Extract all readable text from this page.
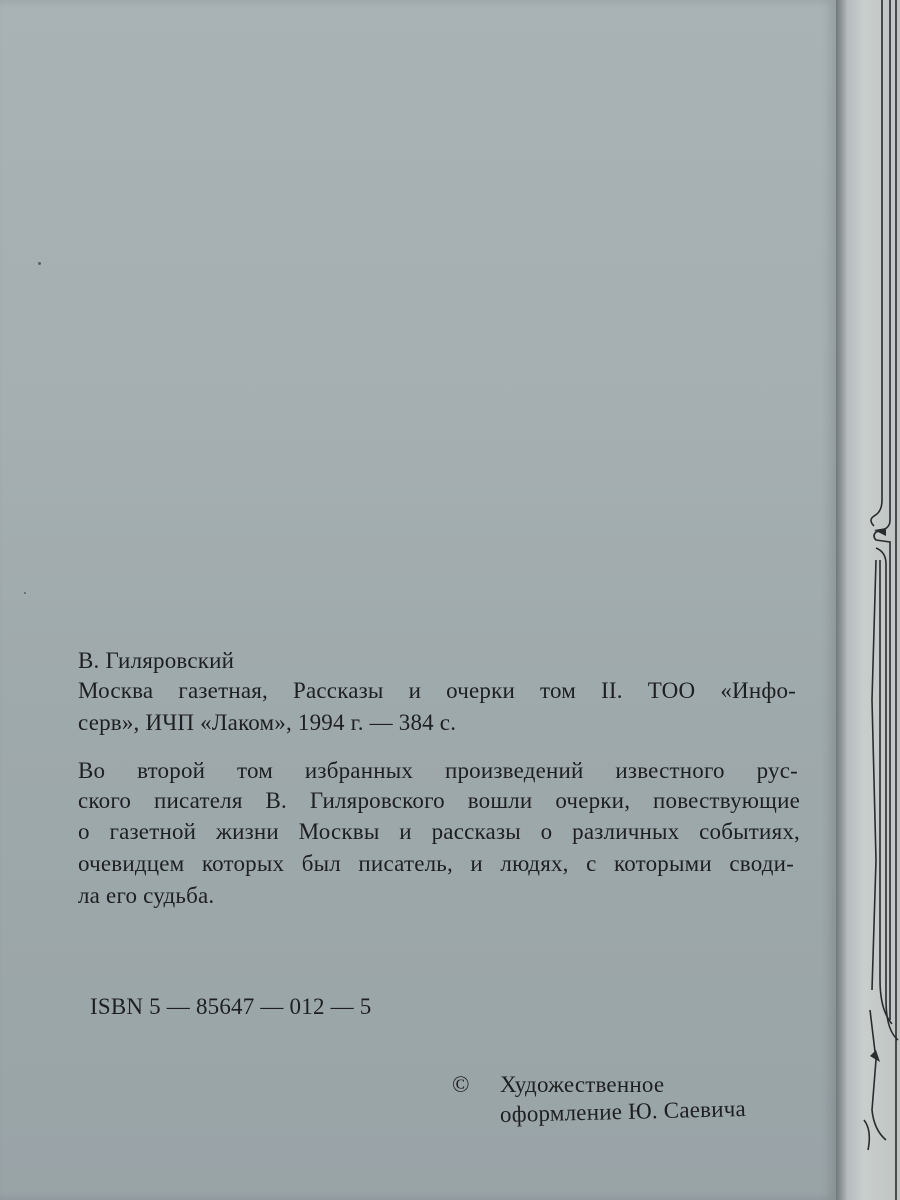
В. Гиляровский
Москва газетная, Рассказы и очерки том II. ТОО «Инфо-
серв», ИЧП «Лаком», 1994 г. — 384 с.
Во второй том избранных произведений известного рус-
ского писателя В. Гиляровского вошли очерки, повествующие
о газетной жизни Москвы и рассказы о различных событиях,
очевидцем которых был писатель, и людях, с которыми своди-
ла его судьба.
ISBN 5 — 85647 — 012 — 5
© Художественное
оформление Ю. Саевича
